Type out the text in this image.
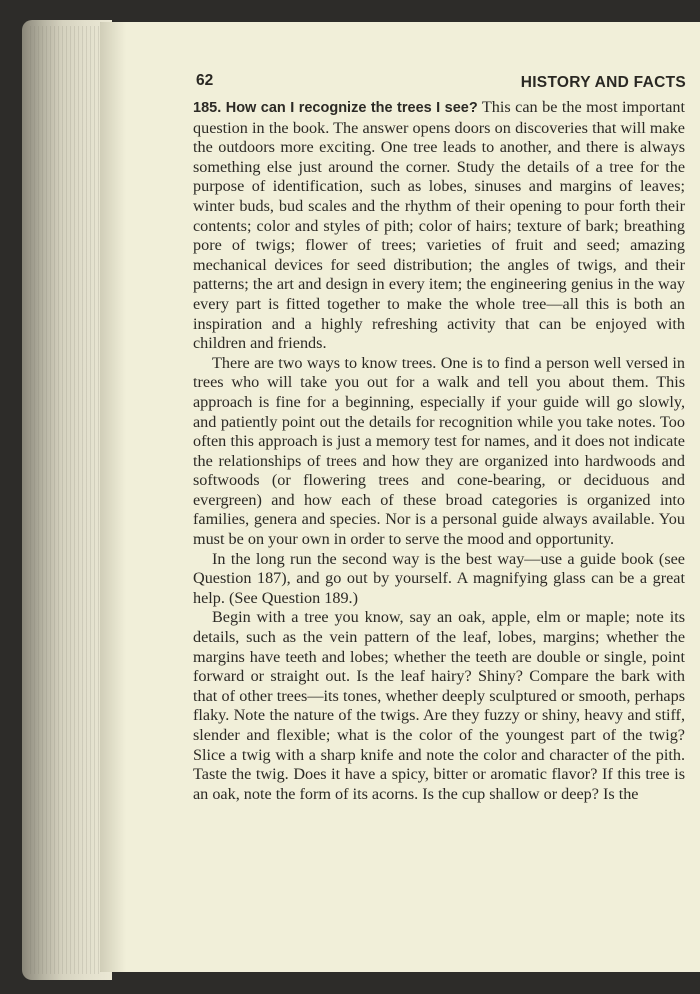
62	HISTORY AND FACTS

185. How can I recognize the trees I see? This can be the most important question in the book. The answer opens doors on discoveries that will make the outdoors more exciting. One tree leads to another, and there is always something else just around the corner. Study the details of a tree for the purpose of identification, such as lobes, sinuses and margins of leaves; winter buds, bud scales and the rhythm of their opening to pour forth their contents; color and styles of pith; color of hairs; texture of bark; breathing pore of twigs; flower of trees; varieties of fruit and seed; amazing mechanical devices for seed distribution; the angles of twigs, and their patterns; the art and design in every item; the engineering genius in the way every part is fitted together to make the whole tree—all this is both an inspiration and a highly refreshing activity that can be enjoyed with children and friends.

There are two ways to know trees. One is to find a person well versed in trees who will take you out for a walk and tell you about them. This approach is fine for a beginning, especially if your guide will go slowly, and patiently point out the details for recognition while you take notes. Too often this approach is just a memory test for names, and it does not indicate the relationships of trees and how they are organized into hardwoods and softwoods (or flowering trees and cone-bearing, or deciduous and evergreen) and how each of these broad categories is organized into families, genera and species. Nor is a personal guide always available. You must be on your own in order to serve the mood and opportunity.

In the long run the second way is the best way—use a guide book (see Question 187), and go out by yourself. A magnifying glass can be a great help. (See Question 189.)

Begin with a tree you know, say an oak, apple, elm or maple; note its details, such as the vein pattern of the leaf, lobes, margins; whether the margins have teeth and lobes; whether the teeth are double or single, point forward or straight out. Is the leaf hairy? Shiny? Compare the bark with that of other trees—its tones, whether deeply sculptured or smooth, perhaps flaky. Note the nature of the twigs. Are they fuzzy or shiny, heavy and stiff, slender and flexible; what is the color of the youngest part of the twig? Slice a twig with a sharp knife and note the color and character of the pith. Taste the twig. Does it have a spicy, bitter or aromatic flavor? If this tree is an oak, note the form of its acorns. Is the cup shallow or deep? Is the
